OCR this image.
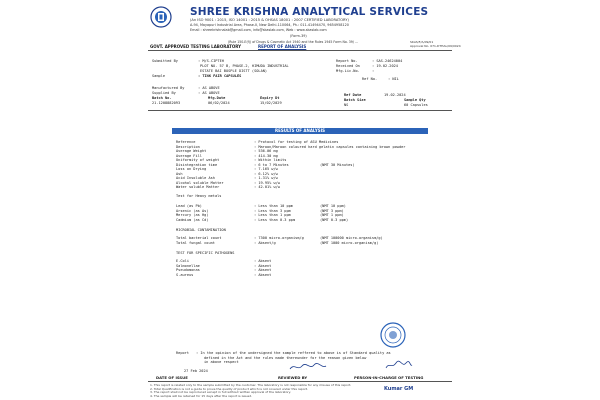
SHREE KRISHNA ANALYTICAL SERVICES
(An ISO 9001 : 2015, ISO 14001 : 2015 & OHSAS 18001 : 2007 CERTIFIED LABORATORY)
A-94, Mayapuri Industrial Area, Phase-II, New Delhi-110064, Ph.: 011-41494470, 9654958120
Email : shreekrishnalab@gmail.com, info@skaslab.com, Web : www.skaslab.com
(Form-39)
(Rule 150-E(f)) of Drugs & Cosmetic Act 1940 and the Rules 1945 Form No. 39/ ...	SKAS/F/A/09/01
Approval No. 071-DTHAL/09/0024
GOVT. APPROVED TESTING LABORATORY	REPORT OF ANALYSIS
Submitted By	: M/S.CIPTEH
PLOT NO. 57 B, PHASE-2, HIMUDA INDUSTRIAL
ESTATE BAI BOSPLE DISTT (SOLAN)
Sample	: TINK FAIR CAPSULES
Report No.	: SAS-24624004
Received On	: 19.02.2024
Mfg.Lic.No.	:
Ref No.	: NIL
Manufactured By	: AS ABOVE
Supplied By	: AS ABOVE
Batch No.	Mfg.Date	Expiry Dt
Ref Date	19-02-2024
Batch Size	Sample Qty
21-1208882093	06/02/2024	15/02/2029	NS	60 Capsules
RESULTS OF ANALYSIS
Reference	: Protocol for testing of ASU Medicines
Description	: Maroon/Maroon coloured hard gelatin capsules containing brown powder
Average Weight	: 536.06 mg
Average Fill	: 414.30 mg
Uniformity of weight	: Within limits
Disintegration time	: 6 to 7 Minutes	(NMT 30 Minutes)
Loss on Drying	: 7.165 w/w
Ash	: 6.12% w/w
Acid Insoluble Ash	: 1.31% w/w
Alcohol soluble Matter	: 19.95% w/w
Water soluble Matter	: 42.01% w/w
Test for Heavy metals
Lead (as Pb)	: Less than 10 ppm	(NMT 10 ppm)
Arsenic (as As)	: Less than 3 ppm	(NMT 3 ppm)
Mercury (as Hg)	: Less than 1 ppm	(NMT 1 ppm)
Cadmium (as Cd)	: Less than 0.3 ppm	(NMT 0.3 ppm)
MICROBIAL CONTAMINATION
Total bacterial count	: 7300 micro-organism/g	(NMT 100000 micro-organism/g)
Total fungal count	: Absent/g	(NMT 1000 micro-organism/g)
TEST FOR SPECIFIC PATHOGENS
E.Coli	: Absent
Salmonellae	: Absent
Pseudomonas	: Absent
S.aureus	: Absent
Report : In the opinion of the undersigned the sample reffered to above is of Standard quality as
defined in the Act and the rules made thereunder for the reason given below
in above respect
27 Feb 2024
DATE OF ISSUE	REVIEWED BY	PERSON-IN-CHARGE OF TESTING
1. This report is related only to the sample submitted by the customer. The laboratory is not responsible for any misuse of this report.
2. Total Qualification is not a guide to prove the quality of product which is not covered under this report.
3. The report shall not be reproduced except in full without written approval of the laboratory.
4. The sample will be retained for 15 days after the report is issued.
Kumar GM
